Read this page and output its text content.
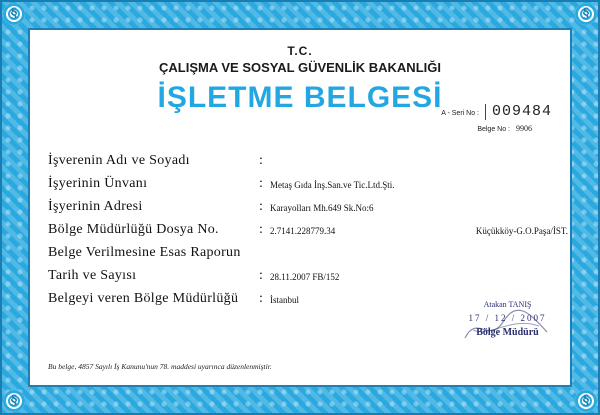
§
§
§
§
T.C.
ÇALIŞMA VE SOSYAL GÜVENLİK BAKANLIĞI
İŞLETME BELGESİ
A - Seri No : 009484
Belge No : 9906
İşverenin Adı ve Soyadı	:
İşyerinin Ünvanı	: Metaş Gıda İnş.San.ve Tic.Ltd.Şti.
İşyerinin Adresi	: Karayolları Mh.649 Sk.No:6
Bölge Müdürlüğü Dosya No.	: 2.7141.228779.34	Küçükköy-G.O.Paşa/İST.
Belge Verilmesine Esas Raporun
Tarih ve Sayısı	: 28.11.2007 FB/152
Belgeyi veren Bölge Müdürlüğü : İstanbul	Atakan TANIŞ
17 / 12 / 2007
Bölge Müdürü
Bu belge, 4857 Sayılı İş Kanunu'nun 78. maddesi uyarınca düzenlenmiştir.
